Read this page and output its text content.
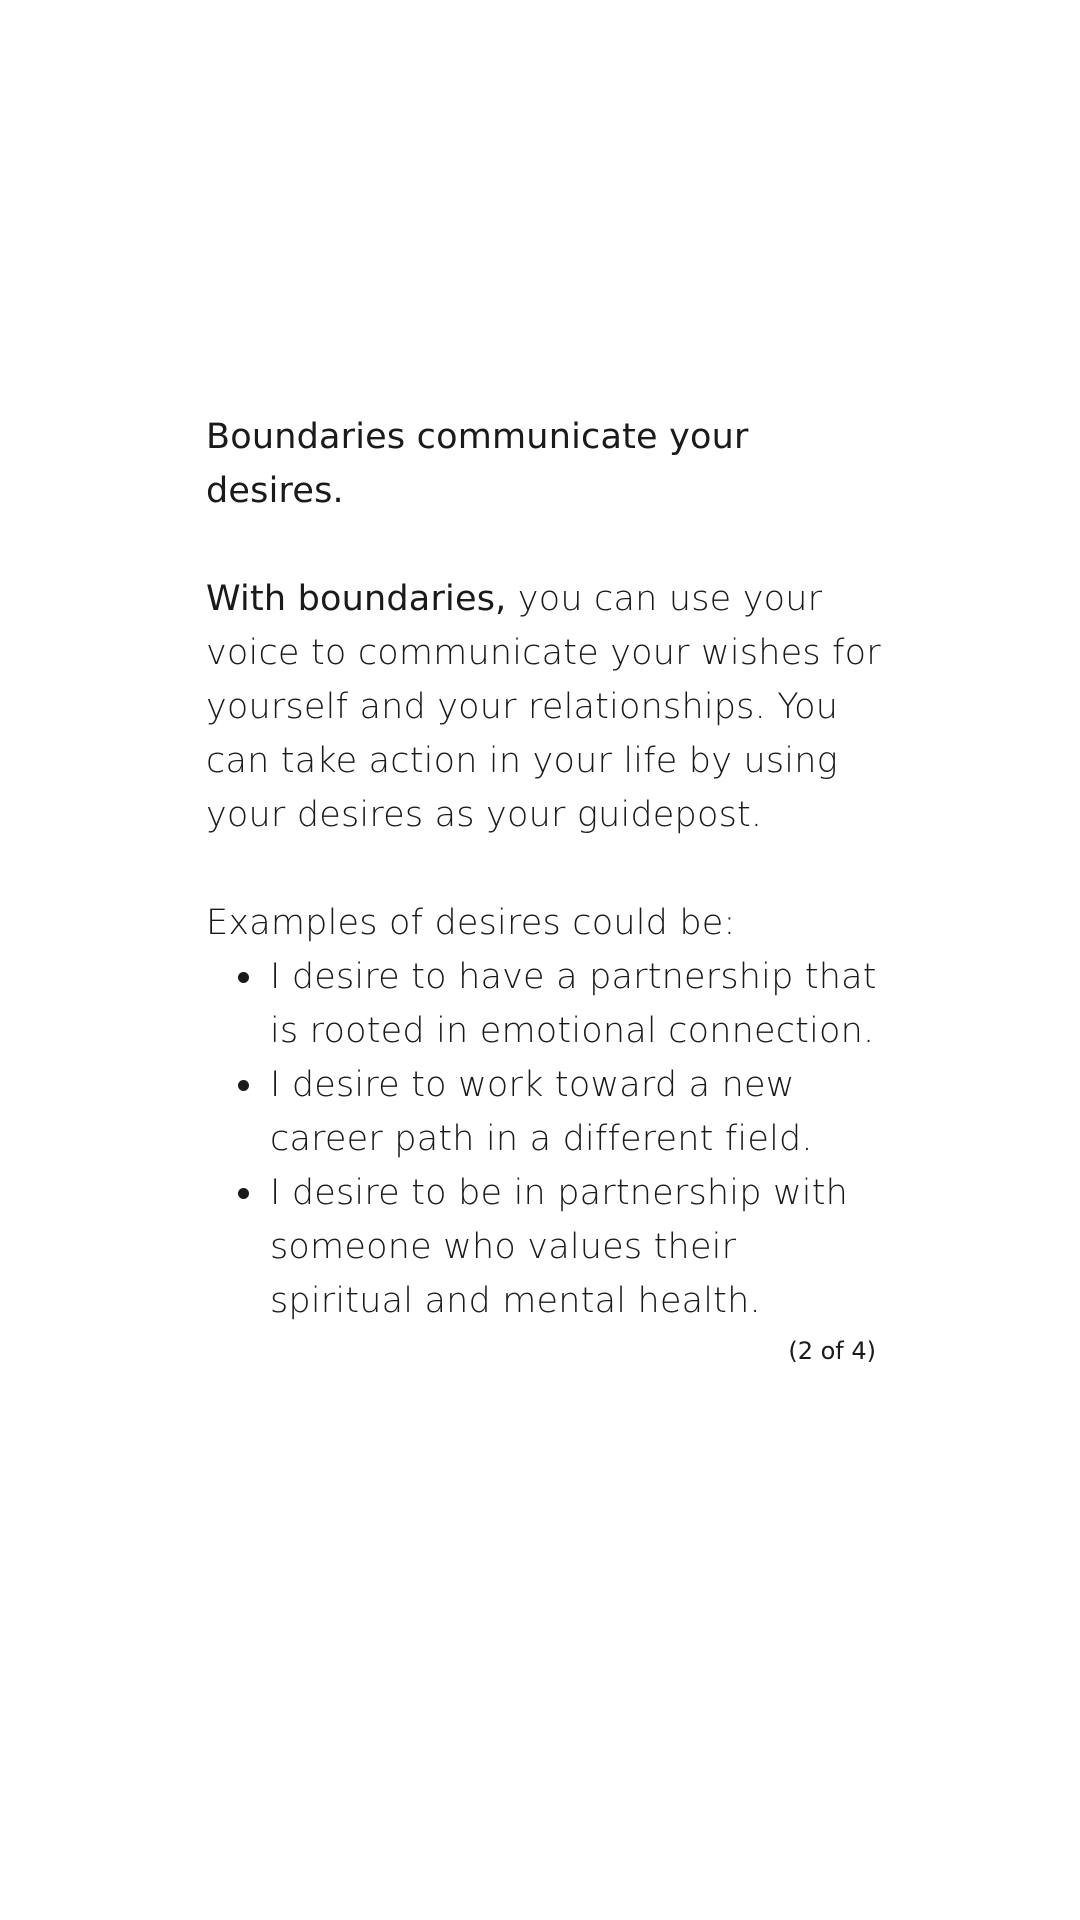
Boundaries communicate your desires.

With boundaries, you can use your voice to communicate your wishes for yourself and your relationships. You can take action in your life by using your desires as your guidepost.

Examples of desires could be:

I desire to have a partnership that is rooted in emotional connection.
I desire to work toward a new career path in a different field.
I desire to be in partnership with someone who values their spiritual and mental health.
(2 of 4)
